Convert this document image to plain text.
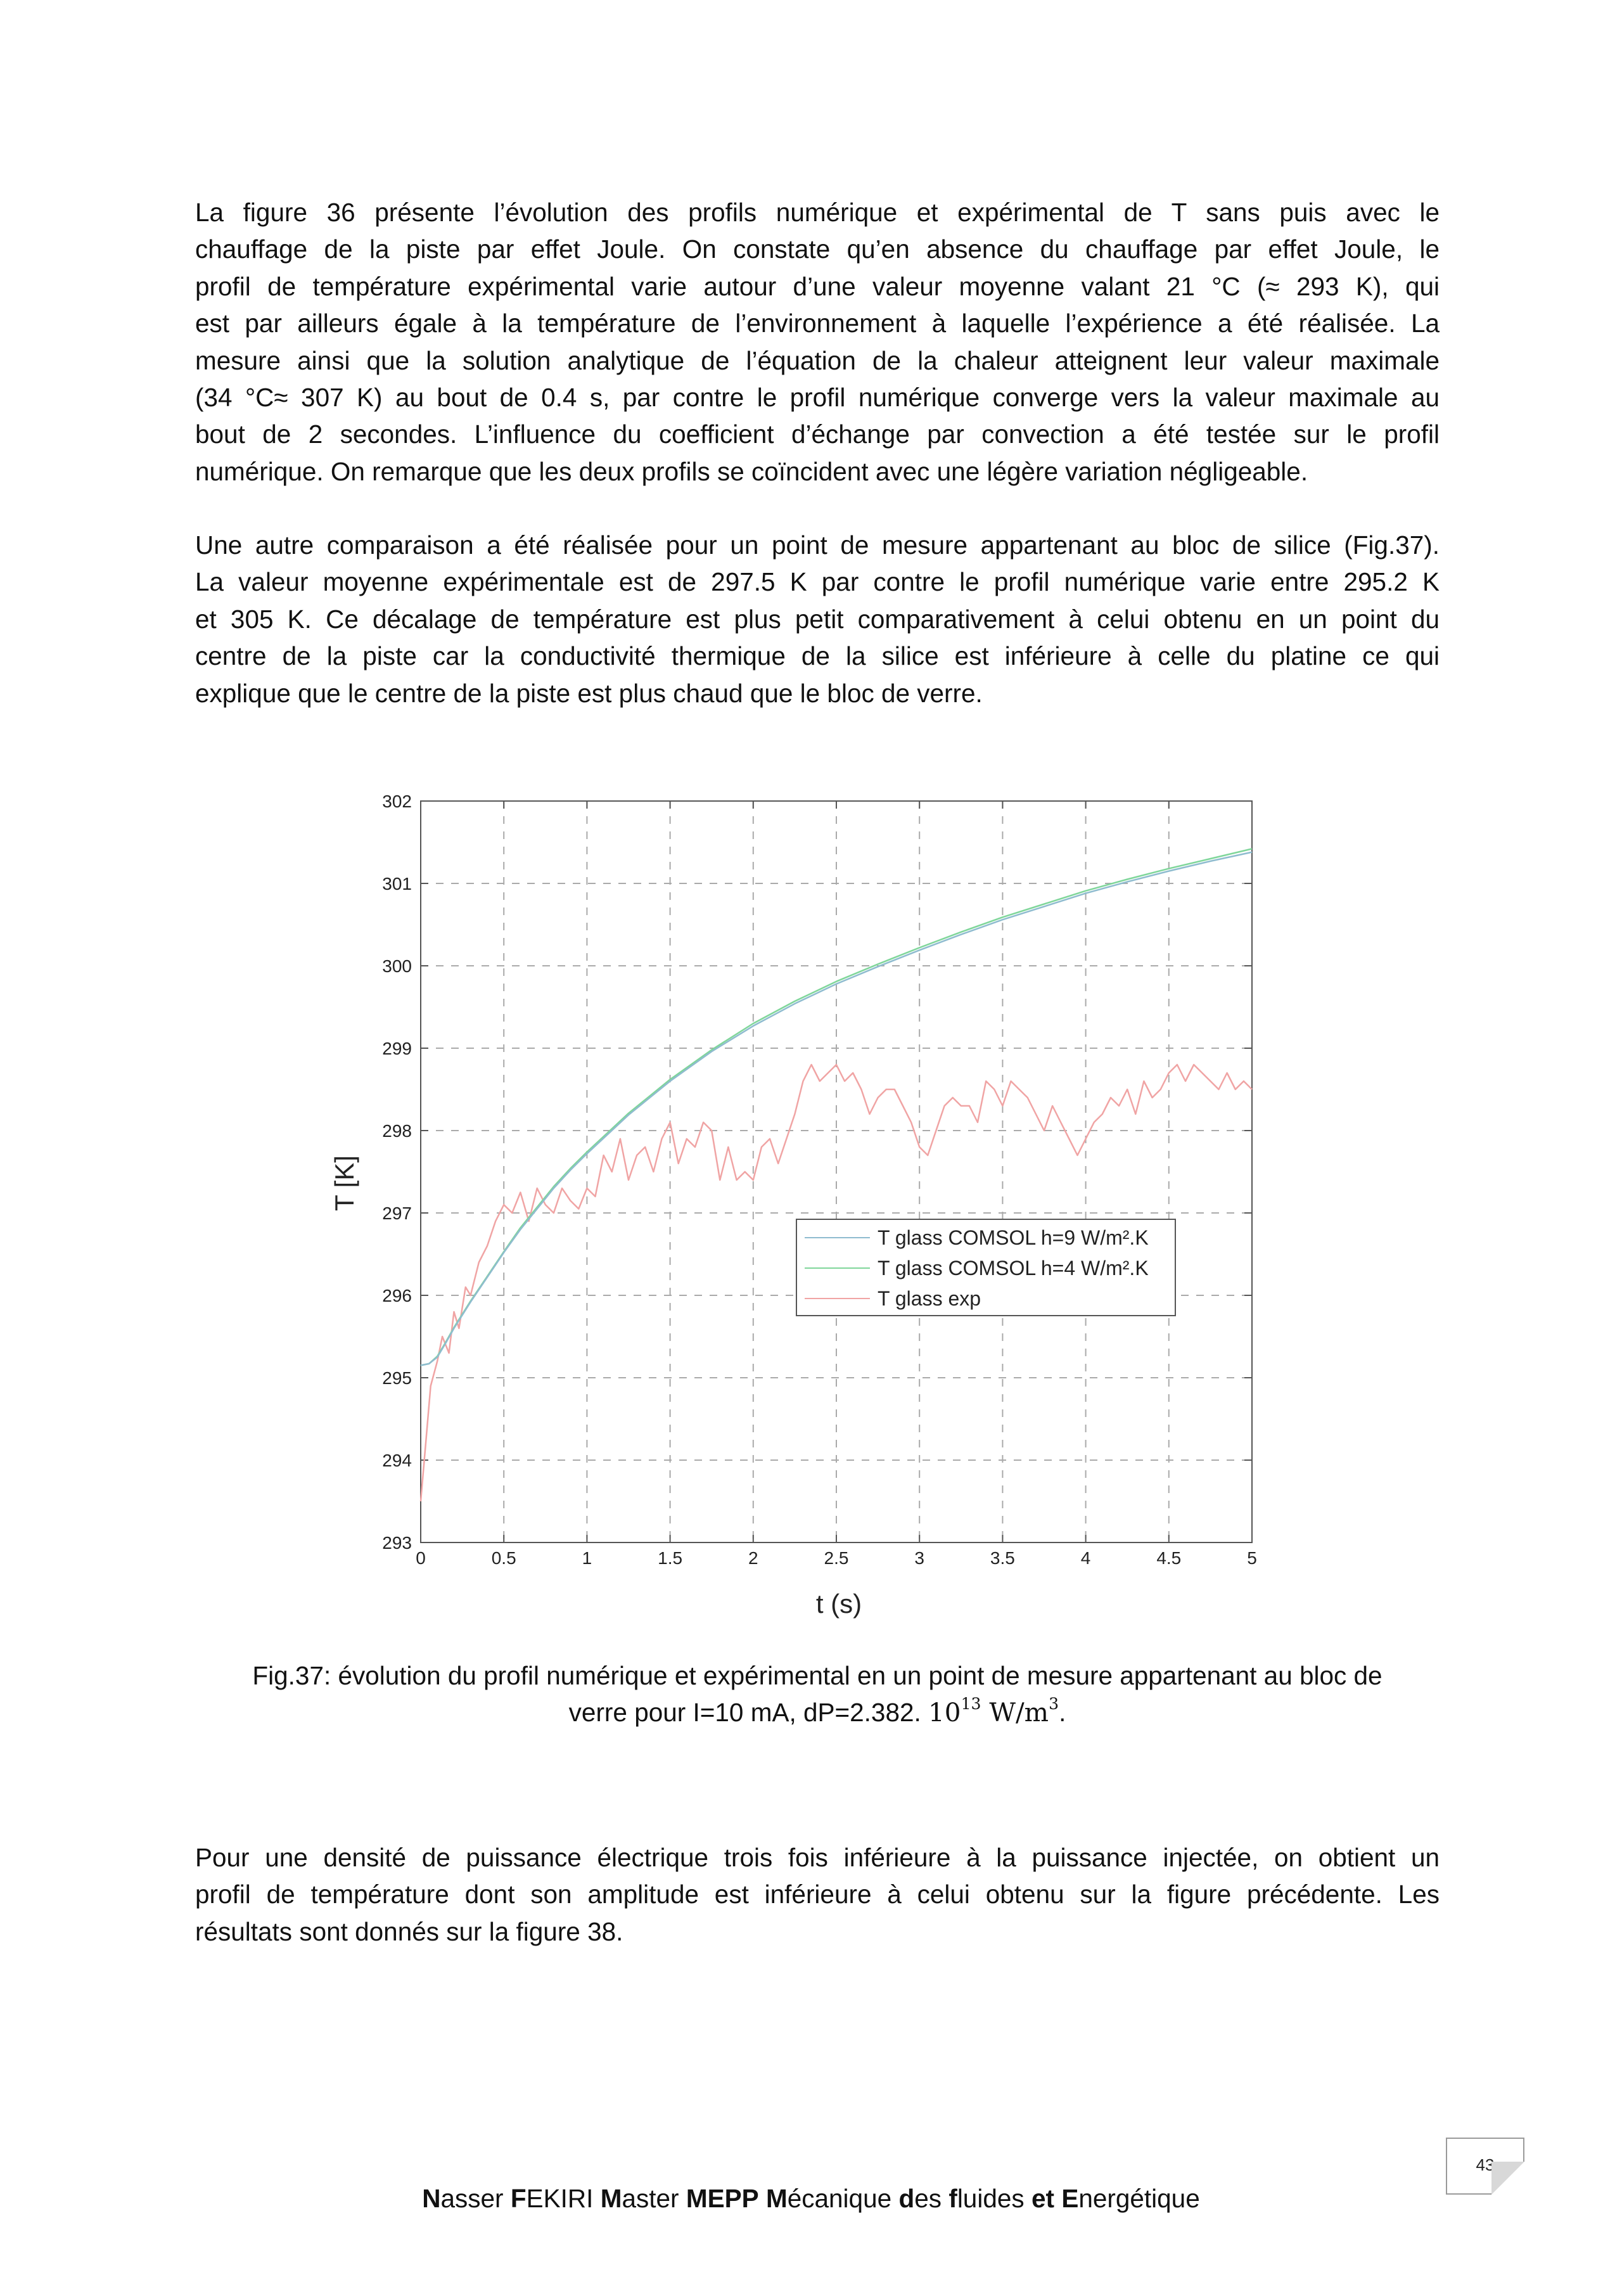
La figure 36 présente l’évolution des profils numérique et expérimental de T sans puis avec le
chauffage de la piste par effet Joule. On constate qu’en absence du chauffage par effet Joule, le
profil de température expérimental varie autour d’une valeur moyenne valant 21 °C (≈ 293 K), qui
est par ailleurs égale à la température de l’environnement à laquelle l’expérience a été réalisée. La
mesure ainsi que la solution analytique de l’équation de la chaleur atteignent leur valeur maximale
(34 °C≈ 307 K) au bout de 0.4 s, par contre le profil numérique converge vers la valeur maximale au
bout de 2 secondes. L’influence du coefficient d’échange par convection a été testée sur le profil
numérique. On remarque que les deux profils se coïncident avec une légère variation négligeable.
Une autre comparaison a été réalisée pour un point de mesure appartenant au bloc de silice (Fig.37).
La valeur moyenne expérimentale est de 297.5 K par contre le profil numérique varie entre 295.2 K
et 305 K. Ce décalage de température est plus petit comparativement à celui obtenu en un point du
centre de la piste car la conductivité thermique de la silice est inférieure à celle du platine ce qui
explique que le centre de la piste est plus chaud que le bloc de verre.
0	0.5	1	1.5	2	2.5	3	3.5	4	4.5	5
293
294
295
296
297
298
299
300
301
302
t (s)
T [K]
T glass COMSOL h=9 W/m².K
T glass COMSOL h=4 W/m².K
T glass exp
Fig.37: évolution du profil numérique et expérimental en un point de mesure appartenant au bloc de
verre pour I=10 mA, dP=2.382. $10^{13}$ $W/m^3$.
Pour une densité de puissance électrique trois fois inférieure à la puissance injectée, on obtient un
profil de température dont son amplitude est inférieure à celui obtenu sur la figure précédente. Les
résultats sont donnés sur la figure 38.
43
Nasser FEKIRI Master MEPP Mécanique des fluides et Energétique
